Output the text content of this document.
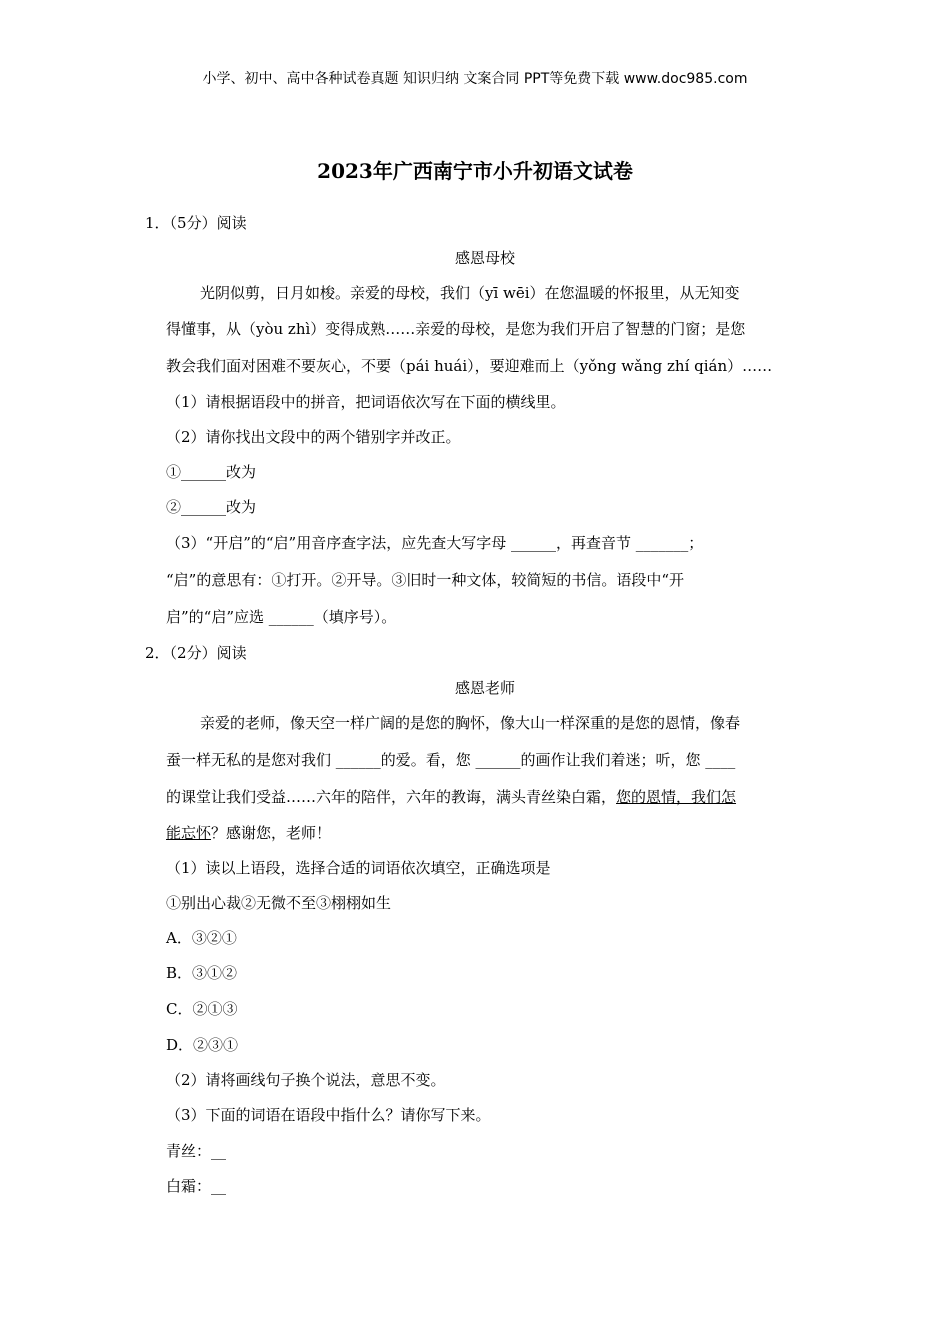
小学、初中、高中各种试卷真题 知识归纳 文案合同 PPT等免费下载 www.doc985.com
2023年广西南宁市小升初语文试卷
1．（5分）阅读
感恩母校
光阴似剪，日月如梭。亲爱的母校，我们（yī wēi）在您温暖的怀报里，从无知变
得懂事，从（yòu zhì）变得成熟……亲爱的母校，是您为我们开启了智慧的门窗；是您
教会我们面对困难不要灰心，不要（pái huái），要迎难而上（yǒng wǎng zhí qián）……
（1）请根据语段中的拼音，把词语依次写在下面的横线里。
（2）请你找出文段中的两个错别字并改正。
①______改为
②______改为
（3）“开启”的“启”用音序查字法，应先查大写字母 ______，再查音节 _______；
“启”的意思有：①打开。②开导。③旧时一种文体，较简短的书信。语段中“开
启”的“启”应选 ______（填序号）。
2．（2分）阅读
感恩老师
亲爱的老师，像天空一样广阔的是您的胸怀，像大山一样深重的是您的恩情，像春
蚕一样无私的是您对我们 ______的爱。看，您 ______的画作让我们着迷；听，您 ____
的课堂让我们受益……六年的陪伴，六年的教诲，满头青丝染白霜，您的恩情，我们怎
能忘怀？感谢您，老师！
（1）读以上语段，选择合适的词语依次填空，正确选项是
①别出心裁②无微不至③栩栩如生
A．③②①
B．③①②
C．②①③
D．②③①
（2）请将画线句子换个说法，意思不变。
（3）下面的词语在语段中指什么？请你写下来。
青丝：__
白霜：__
